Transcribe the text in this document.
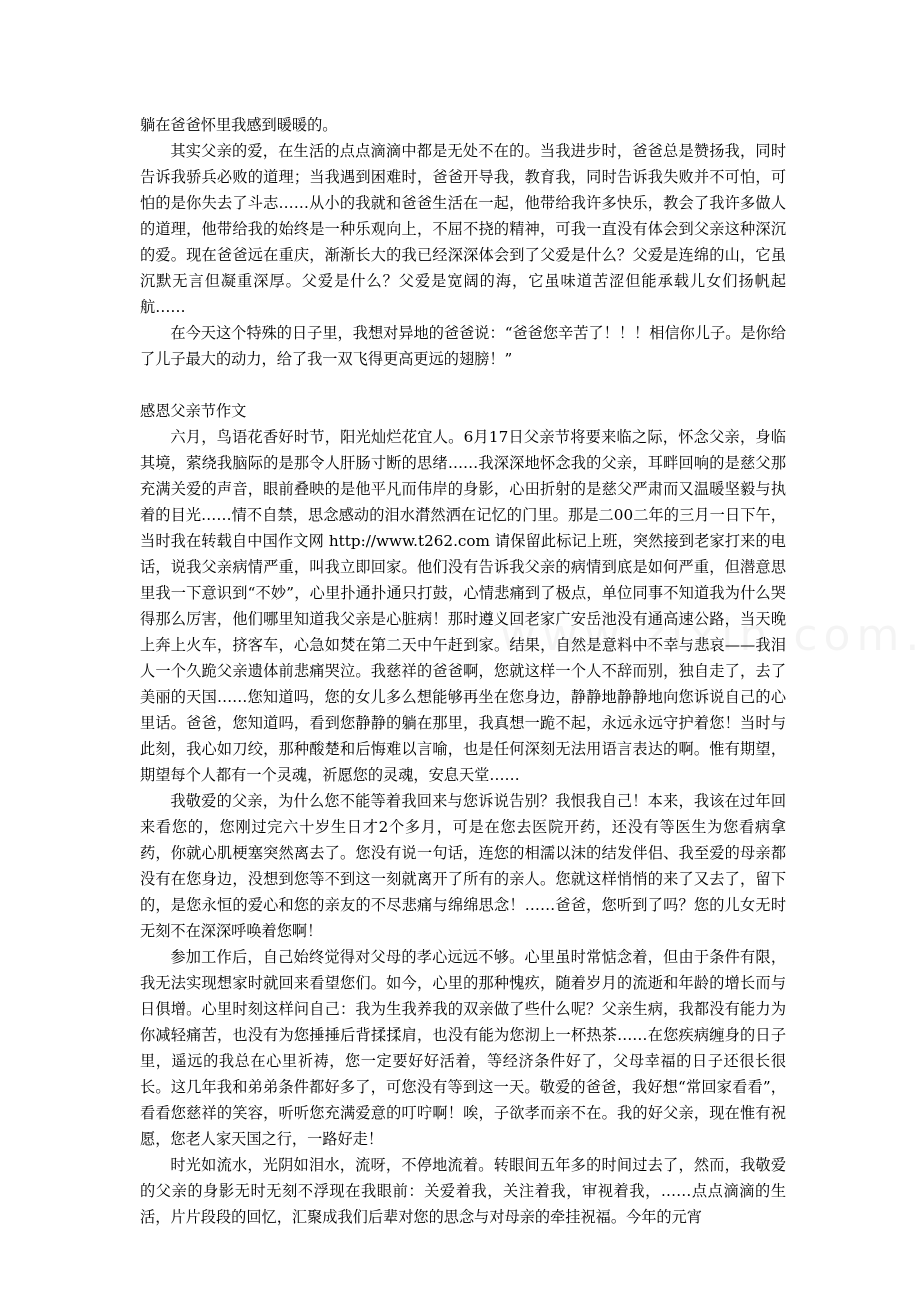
躺在爸爸怀里我感到暖暖的。

其实父亲的爱，在生活的点点滴滴中都是无处不在的。当我进步时，爸爸总是赞扬我，同时告诉我骄兵必败的道理；当我遇到困难时，爸爸开导我，教育我，同时告诉我失败并不可怕，可怕的是你失去了斗志……从小的我就和爸爸生活在一起，他带给我许多快乐，教会了我许多做人的道理，他带给我的始终是一种乐观向上，不屈不挠的精神，可我一直没有体会到父亲这种深沉的爱。现在爸爸远在重庆，渐渐长大的我已经深深体会到了父爱是什么？父爱是连绵的山，它虽沉默无言但凝重深厚。父爱是什么？父爱是宽阔的海，它虽味道苦涩但能承载儿女们扬帆起航……

在今天这个特殊的日子里，我想对异地的爸爸说：“爸爸您辛苦了！！！相信你儿子。是你给了儿子最大的动力，给了我一双飞得更高更远的翅膀！”

感恩父亲节作文

六月，鸟语花香好时节，阳光灿烂花宜人。6月17日父亲节将要来临之际，怀念父亲，身临其境，萦绕我脑际的是那令人肝肠寸断的思绪……我深深地怀念我的父亲，耳畔回响的是慈父那充满关爱的声音，眼前叠映的是他平凡而伟岸的身影，心田折射的是慈父严肃而又温暖坚毅与执着的目光……情不自禁，思念感动的泪水潸然洒在记忆的门里。那是二00二年的三月一日下午，当时我在转载自中国作文网 http://www.t262.com 请保留此标记上班，突然接到老家打来的电话，说我父亲病情严重，叫我立即回家。他们没有告诉我父亲的病情到底是如何严重，但潜意思里我一下意识到“不妙”，心里扑通扑通只打鼓，心情悲痛到了极点，单位同事不知道我为什么哭得那么厉害，他们哪里知道我父亲是心脏病！那时遵义回老家广安岳池没有通高速公路，当天晚上奔上火车，挤客车，心急如焚在第二天中午赶到家。结果，自然是意料中不幸与悲哀——我泪人一个久跪父亲遗体前悲痛哭泣。我慈祥的爸爸啊，您就这样一个人不辞而别，独自走了，去了美丽的天国……您知道吗，您的女儿多么想能够再坐在您身边，静静地静静地向您诉说自己的心里话。爸爸，您知道吗，看到您静静的躺在那里，我真想一跪不起，永远永远守护着您！当时与此刻，我心如刀绞，那种酸楚和后悔难以言喻，也是任何深刻无法用语言表达的啊。惟有期望，期望每个人都有一个灵魂，祈愿您的灵魂，安息天堂……

我敬爱的父亲，为什么您不能等着我回来与您诉说告别？我恨我自己！本来，我该在过年回来看您的，您刚过完六十岁生日才2个多月，可是在您去医院开药，还没有等医生为您看病拿药，你就心肌梗塞突然离去了。您没有说一句话，连您的相濡以沫的结发伴侣、我至爱的母亲都没有在您身边，没想到您等不到这一刻就离开了所有的亲人。您就这样悄悄的来了又去了，留下的，是您永恒的爱心和您的亲友的不尽悲痛与绵绵思念！……爸爸，您听到了吗？您的儿女无时无刻不在深深呼唤着您啊！

参加工作后，自己始终觉得对父母的孝心远远不够。心里虽时常惦念着，但由于条件有限，我无法实现想家时就回来看望您们。如今，心里的那种愧疚，随着岁月的流逝和年龄的增长而与日俱增。心里时刻这样问自己：我为生我养我的双亲做了些什么呢？父亲生病，我都没有能力为你减轻痛苦，也没有为您捶捶后背揉揉肩，也没有能为您沏上一杯热茶……在您疾病缠身的日子里，遥远的我总在心里祈祷，您一定要好好活着，等经济条件好了，父母幸福的日子还很长很长。这几年我和弟弟条件都好多了，可您没有等到这一天。敬爱的爸爸，我好想“常回家看看”，看看您慈祥的笑容，听听您充满爱意的叮咛啊！唉，子欲孝而亲不在。我的好父亲，现在惟有祝愿，您老人家天国之行，一路好走！

时光如流水，光阴如泪水，流呀，不停地流着。转眼间五年多的时间过去了，然而，我敬爱的父亲的身影无时无刻不浮现在我眼前：关爱着我，关注着我，审视着我，……点点滴滴的生活，片片段段的回忆，汇聚成我们后辈对您的思念与对母亲的牵挂祝福。今年的元宵
